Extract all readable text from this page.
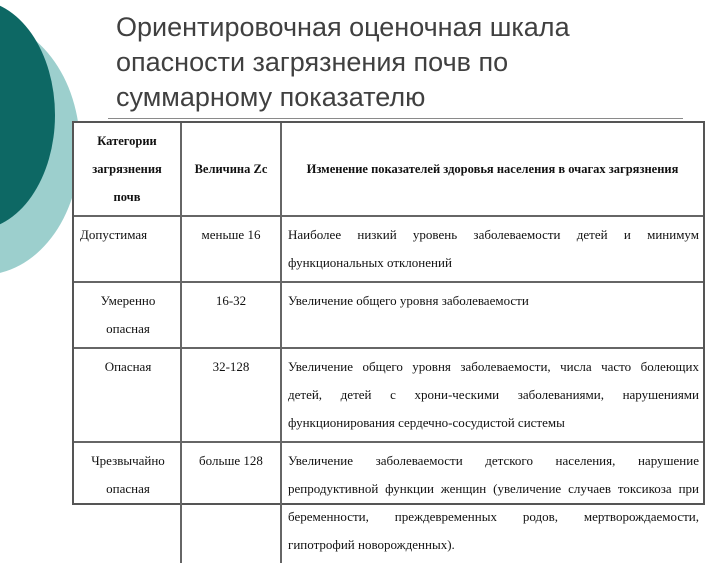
Ориентировочная оценочная шкала
опасности загрязнения почв по
суммарному показателю
Категории загрязнения почв	Величина Zc	Изменение показателей здоровья населения в очагах загрязнения
Допустимая	меньше 16	Наиболее низкий уровень заболеваемости детей и минимум функциональных отклонений
Умеренно опасная	16-32	Увеличение общего уровня заболеваемости
Опасная	32-128	Увеличение общего уровня заболеваемости, числа часто болеющих детей, детей с хрони-ческими заболеваниями, нарушениями функционирования сердечно-сосудистой системы
Чрезвычайно опасная	больше 128	Увеличение заболеваемости детского населения, нарушение репродуктивной функции женщин (увеличение случаев токсикоза при беременности, преждевременных родов, мертворождаемости, гипотрофий новорожденных).
